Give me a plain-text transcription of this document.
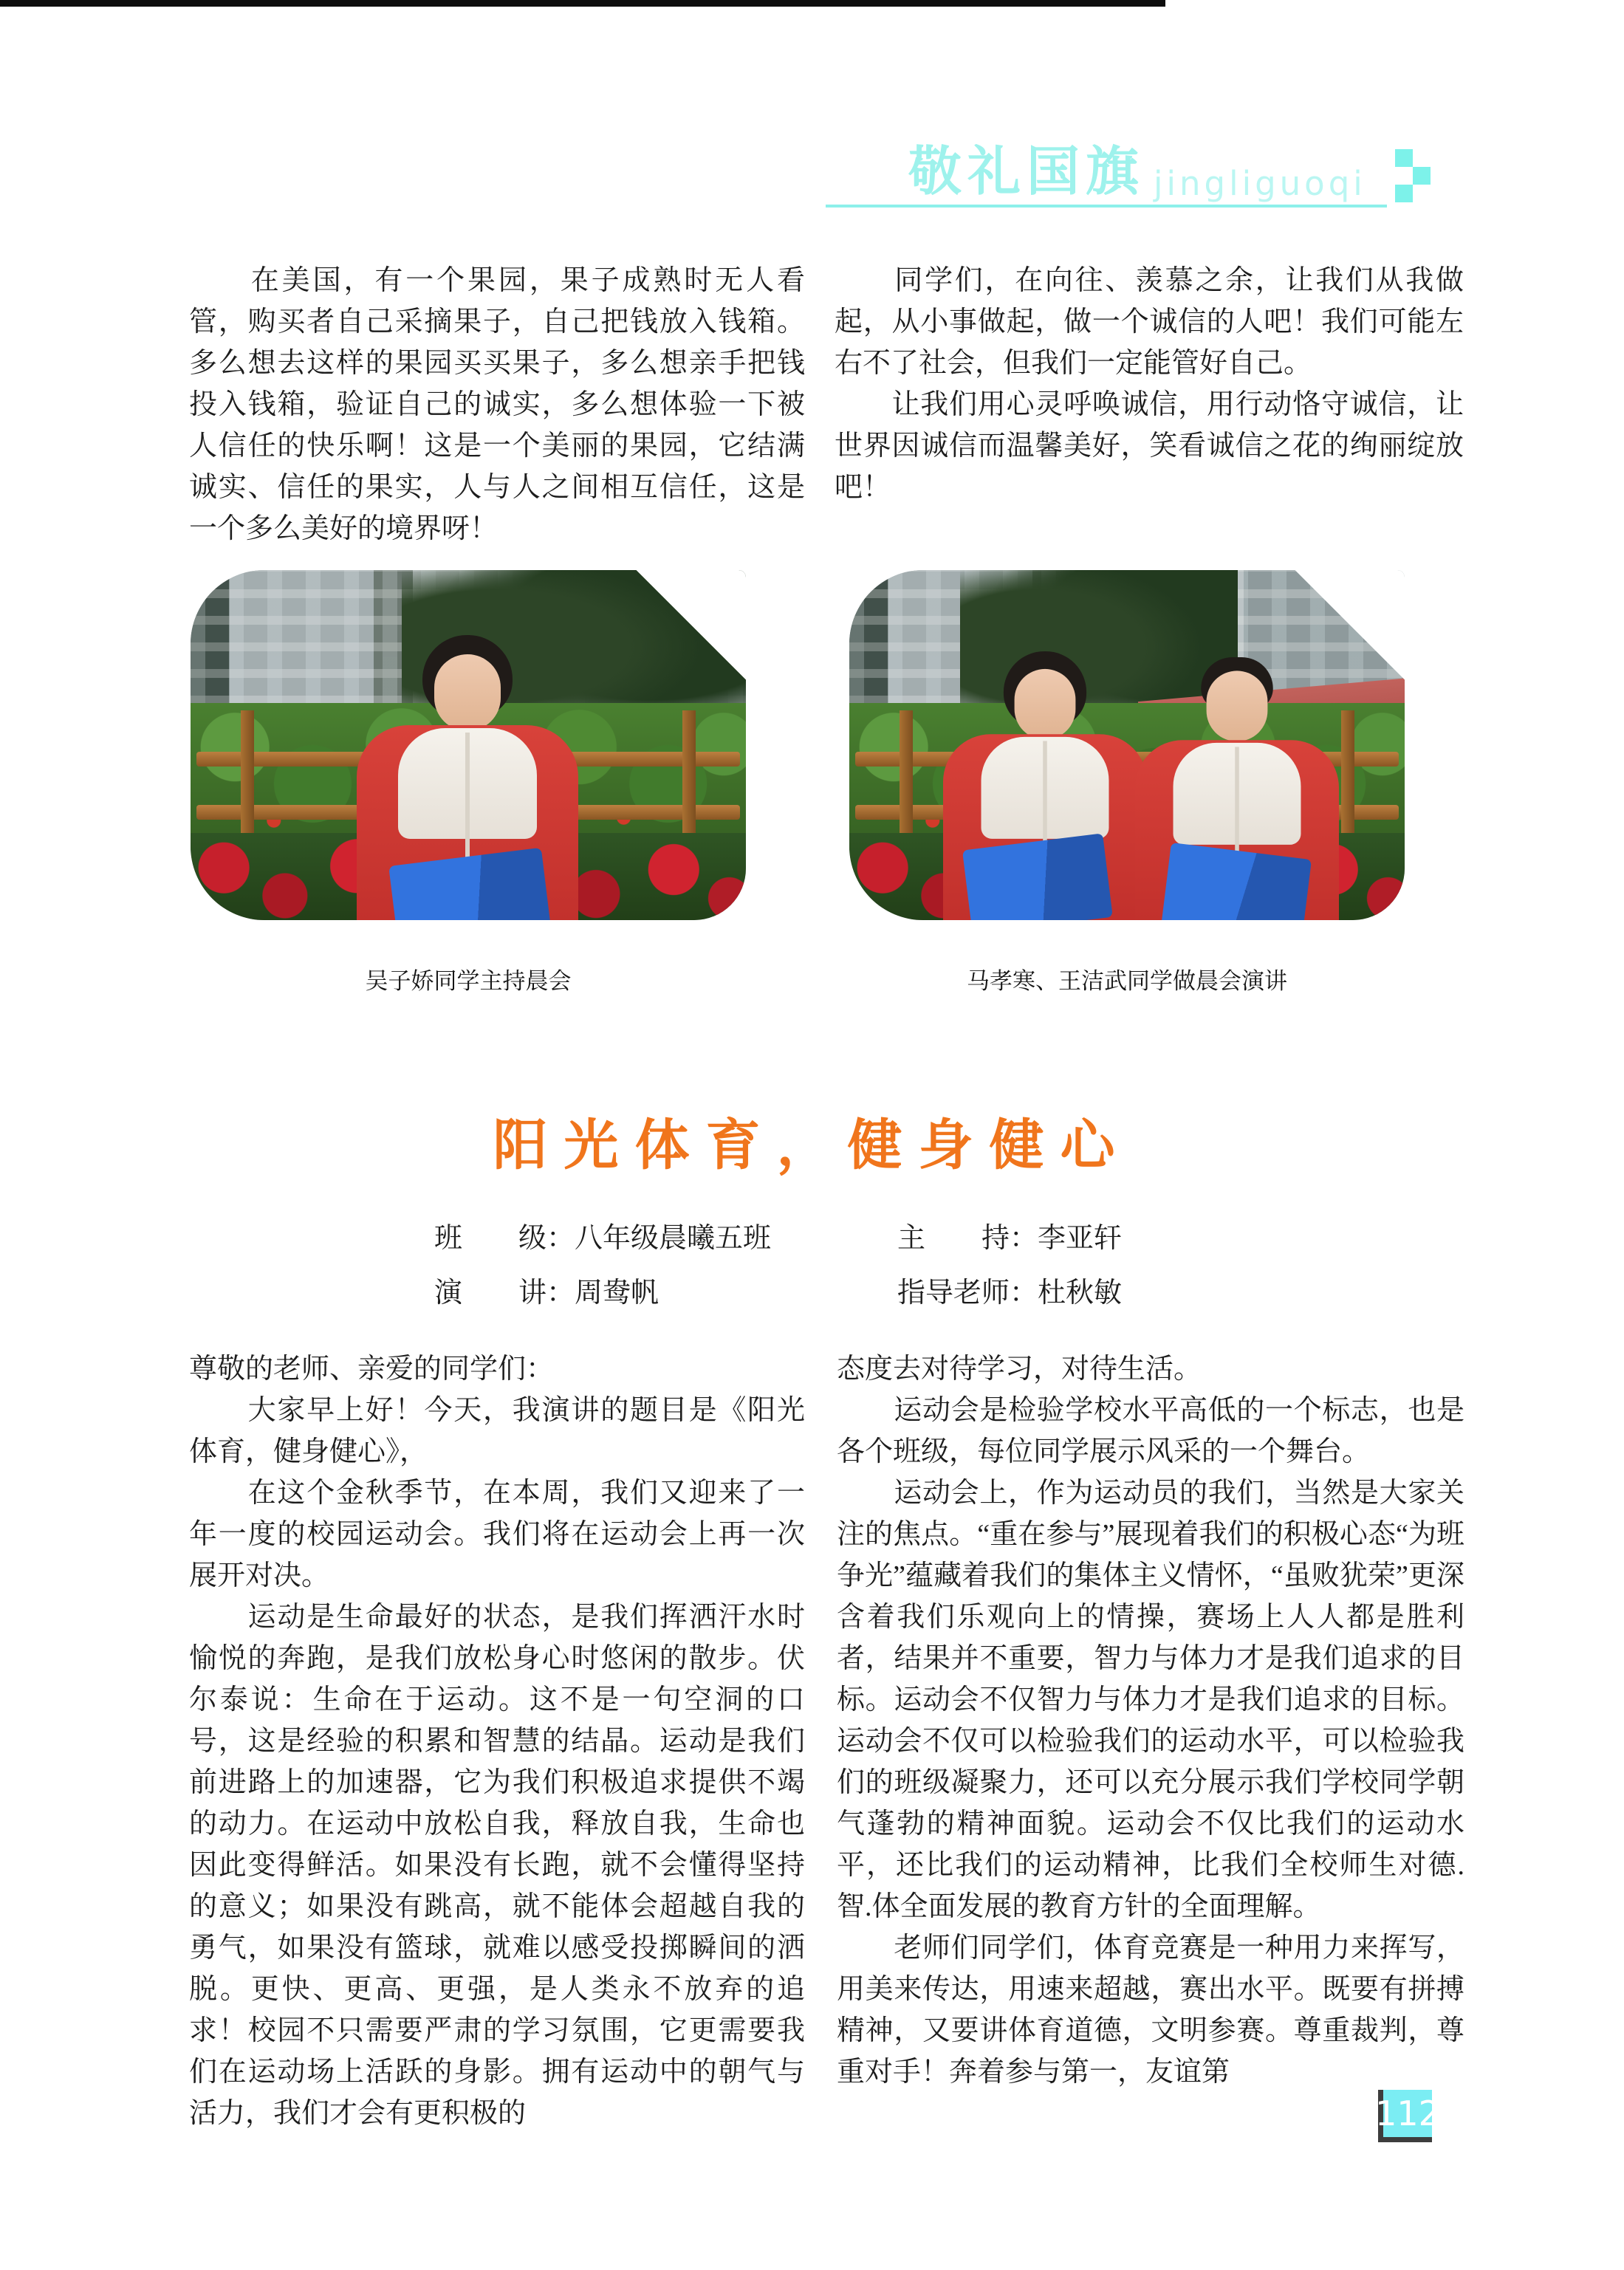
敬礼国旗 jingliguoqi

　　在美国，有一个果园，果子成熟时无人看管，购买者自己采摘果子，自己把钱放入钱箱。多么想去这样的果园买买果子，多么想亲手把钱投入钱箱，验证自己的诚实，多么想体验一下被人信任的快乐啊！这是一个美丽的果园，它结满诚实、信任的果实，人与人之间相互信任，这是一个多么美好的境界呀！

　　同学们，在向往、羡慕之余，让我们从我做起，从小事做起，做一个诚信的人吧！我们可能左右不了社会，但我们一定能管好自己。

　　让我们用心灵呼唤诚信，用行动恪守诚信，让世界因诚信而温馨美好，笑看诚信之花的绚丽绽放吧！

吴子娇同学主持晨会	马孝寒、王洁武同学做晨会演讲
阳光体育，健身健心
班　　级：八年级晨曦五班
演　　讲：周鸯帆
主　　持：李亚轩
指导老师：杜秋敏

尊敬的老师、亲爱的同学们：

　　大家早上好！今天，我演讲的题目是《阳光体育，健身健心》，

　　在这个金秋季节，在本周，我们又迎来了一年一度的校园运动会。我们将在运动会上再一次展开对决。

　　运动是生命最好的状态，是我们挥洒汗水时愉悦的奔跑，是我们放松身心时悠闲的散步。伏尔泰说：生命在于运动。这不是一句空洞的口号，这是经验的积累和智慧的结晶。运动是我们前进路上的加速器，它为我们积极追求提供不竭的动力。在运动中放松自我，释放自我，生命也因此变得鲜活。如果没有长跑，就不会懂得坚持的意义；如果没有跳高，就不能体会超越自我的勇气，如果没有篮球，就难以感受投掷瞬间的洒脱。更快、更高、更强，是人类永不放弃的追求！校园不只需要严肃的学习氛围，它更需要我们在运动场上活跃的身影。拥有运动中的朝气与活力，我们才会有更积极的

态度去对待学习，对待生活。

　　运动会是检验学校水平高低的一个标志，也是各个班级，每位同学展示风采的一个舞台。

　　运动会上，作为运动员的我们，当然是大家关注的焦点。“重在参与”展现着我们的积极心态“为班争光”蕴藏着我们的集体主义情怀，“虽败犹荣”更深含着我们乐观向上的情操，赛场上人人都是胜利者，结果并不重要，智力与体力才是我们追求的目标。运动会不仅智力与体力才是我们追求的目标。运动会不仅可以检验我们的运动水平，可以检验我们的班级凝聚力，还可以充分展示我们学校同学朝气蓬勃的精神面貌。运动会不仅比我们的运动水平，还比我们的运动精神，比我们全校师生对德.智.体全面发展的教育方针的全面理解。

　　老师们同学们，体育竞赛是一种用力来挥写，用美来传达，用速来超越，赛出水平。既要有拼搏精神，又要讲体育道德，文明参赛。尊重裁判，尊重对手！奔着参与第一，友谊第

112
